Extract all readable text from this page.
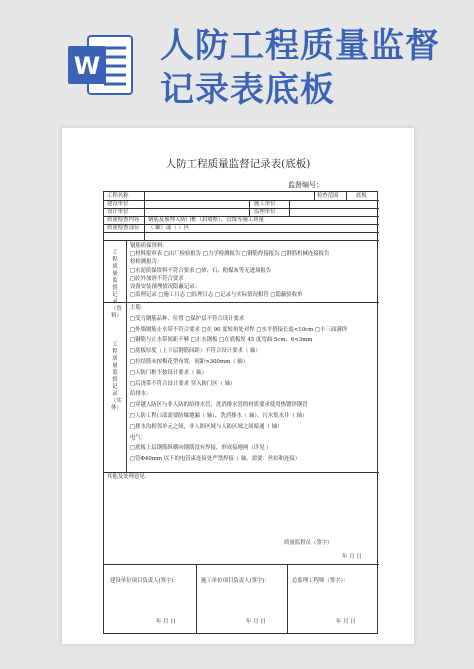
W 人防工程质量监督
记录表底板
人防工程质量监督记录表(底板)
监督编号：
工程名称	检查范围	底板
建设单位	施工单位
设计单位	监理单位
质量检查内容 钢筋及预埋人防门框（封堵框）、管线等施工质量
质量检查部位 （ 轴）或（ ）区
工程质量监督记录（资料）
钢筋质保资料：
□材料报审表 □出厂检验报告 □力学检测报告 □钢筋焊接报告 □钢筋机械连接报告
检检测报告：
□水泥质保资料不符合要求 □砂、石、粉煤灰等无进场报告
□砼外加剂不符合要求
设备安装预埋情况隐蔽记录：
□监理记录 □施工日志 □监理日志 □记录与实际情况相符 □隐蔽验收单
工程质量监督记录（实体）
主筋：
□受力钢筋品种、位置 □保护层不符合设计要求
□外墙钢筋止水带不符合要求 □在 90 度转角处对焊 □水平搭接长度<10cm □丰三面满焊
□钢筋与止水带间距不够 □止水钢板 □在底板厚 45 度弯曲 5cm、6<3mm
□底板厚度（上下层钢筋间距）不符合设计要求（ 轴）
□拉结筋未按梅花型布置，间距>300mm（ 轴）
□人防门框不按设计要求（ 轴）
□后浇带不符合设计要求 穿入防门区（ 轴）
给排水：
□穿越人防区与非人防的给排水管，洗消排水管的材质要求使用热镀锌钢管
□人防工程口部需要防爆地漏（ 轴），洗消排水（ 轴），污水集水井（ 轴）
□排水沟相邻单元之间，非人防区域与人防区域之间暗通（ 轴）
电气：
□底板上层钢筋纵横向钢筋没有焊接，形成接地网（详见 ）
□管Φ40mm 以下的电管束连接处严禁焊接（ 轴，需要：丝扣和连接）
其他及处理意见：
质量监督员（签字）
年 月 日
建设单位项目负责人(签字)：	施工单位项目负责人(签字)：	总监理工程师（签字）：
年 月 日	年 月 日	年 月 日
